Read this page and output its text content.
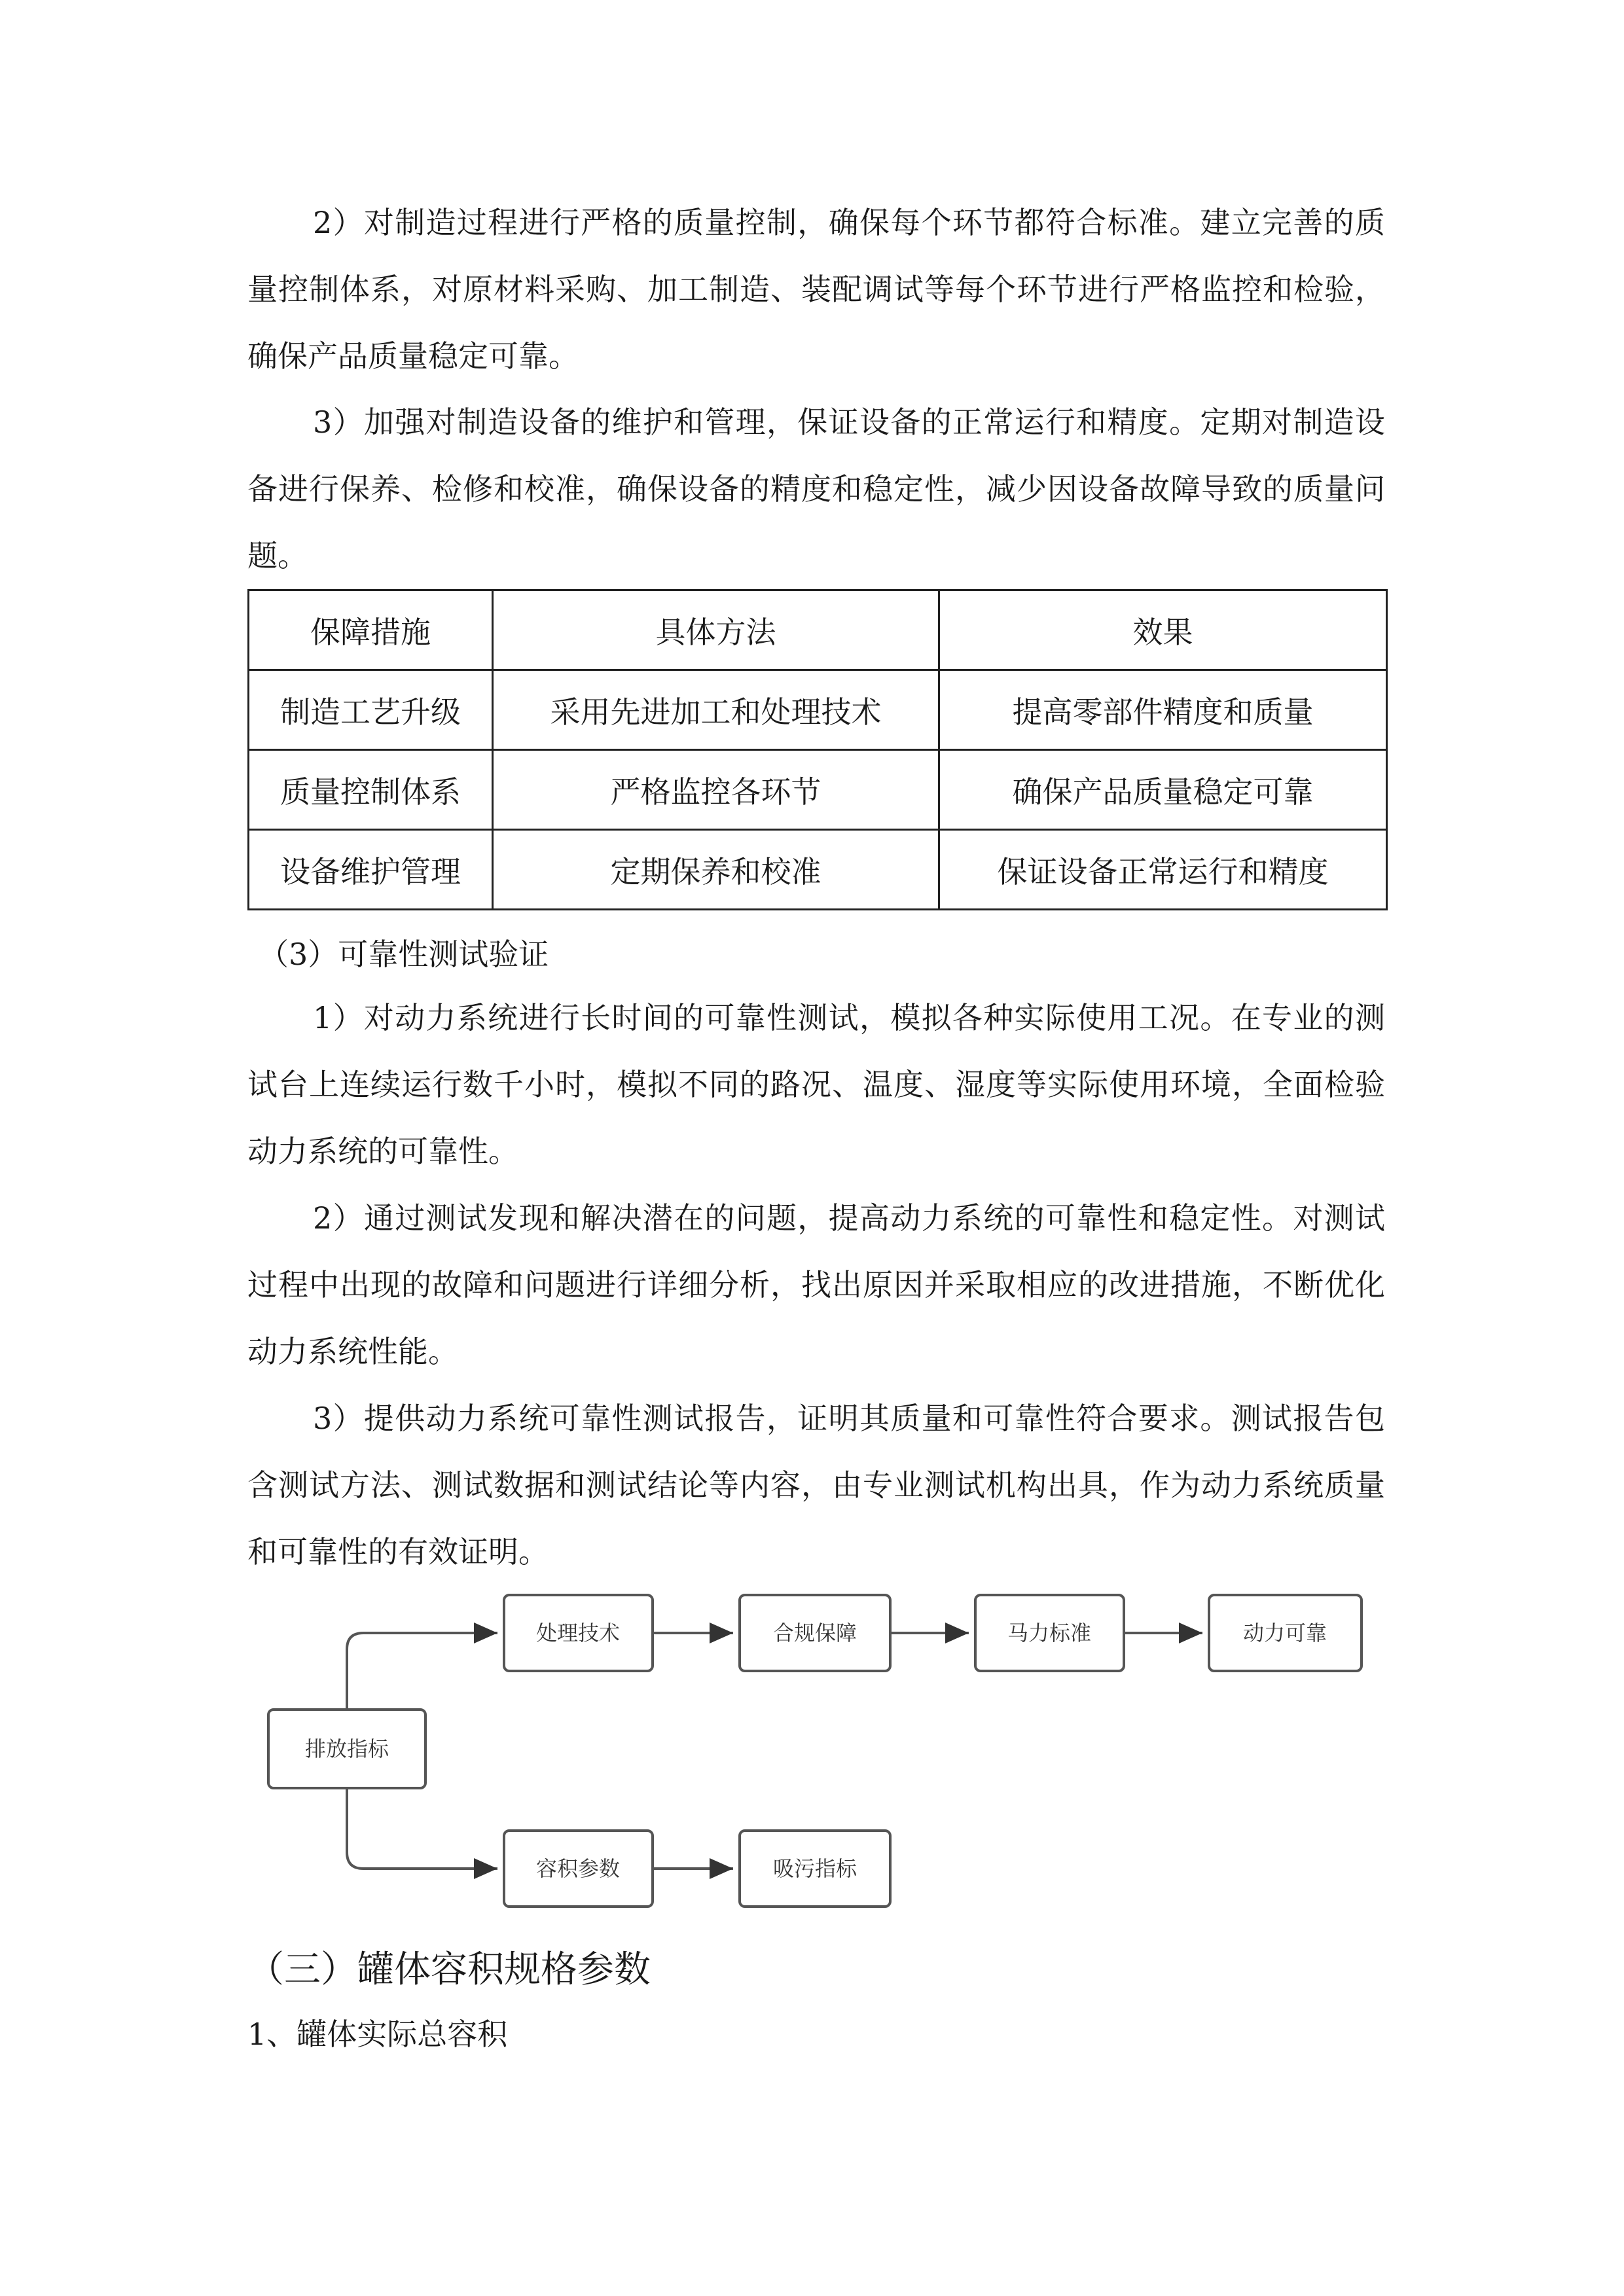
2）对制造过程进行严格的质量控制，确保每个环节都符合标准。建立完善的质量控制体系，对原材料采购、加工制造、装配调试等每个环节进行严格监控和检验，确保产品质量稳定可靠。

3）加强对制造设备的维护和管理，保证设备的正常运行和精度。定期对制造设备进行保养、检修和校准，确保设备的精度和稳定性，减少因设备故障导致的质量问题。

保障措施	具体方法	效果
制造工艺升级	采用先进加工和处理技术	提高零部件精度和质量
质量控制体系	严格监控各环节	确保产品质量稳定可靠
设备维护管理	定期保养和校准	保证设备正常运行和精度

（3）可靠性测试验证

1）对动力系统进行长时间的可靠性测试，模拟各种实际使用工况。在专业的测试台上连续运行数千小时，模拟不同的路况、温度、湿度等实际使用环境，全面检验动力系统的可靠性。

2）通过测试发现和解决潜在的问题，提高动力系统的可靠性和稳定性。对测试过程中出现的故障和问题进行详细分析，找出原因并采取相应的改进措施，不断优化动力系统性能。

3）提供动力系统可靠性测试报告，证明其质量和可靠性符合要求。测试报告包含测试方法、测试数据和测试结论等内容，由专业测试机构出具，作为动力系统质量和可靠性的有效证明。

排放指标
处理技术	合规保障	马力标准	动力可靠
容积参数	吸污指标

（三）罐体容积规格参数

1、罐体实际总容积
